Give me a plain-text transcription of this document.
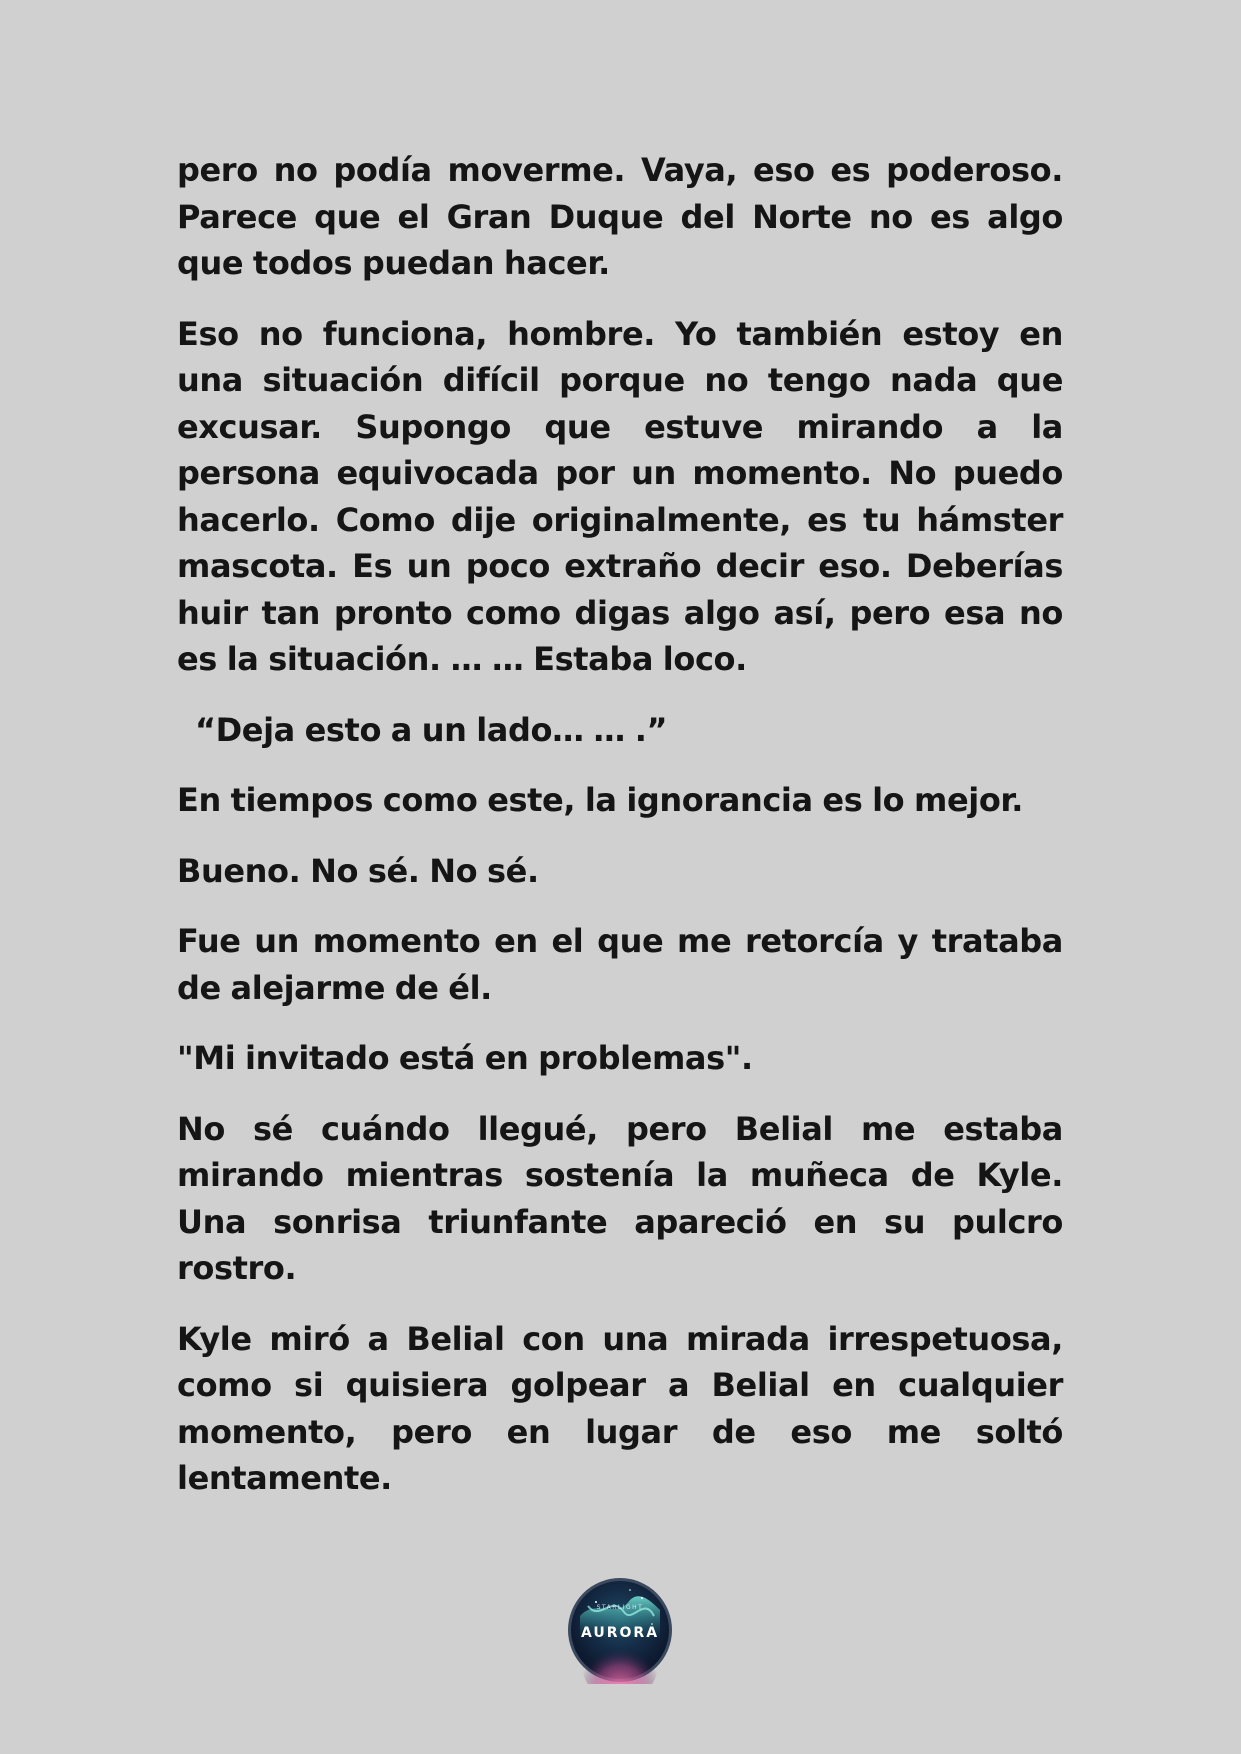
pero no podía moverme. Vaya, eso es poderoso. Parece que el Gran Duque del Norte no es algo que todos puedan hacer.

Eso no funciona, hombre. Yo también estoy en una situación difícil porque no tengo nada que excusar. Supongo que estuve mirando a la persona equivocada por un momento. No puedo hacerlo. Como dije originalmente, es tu hámster mascota. Es un poco extraño decir eso. Deberías huir tan pronto como digas algo así, pero esa no es la situación. … … Estaba loco.

“Deja esto a un lado… … .”

En tiempos como este, la ignorancia es lo mejor.

Bueno. No sé. No sé.

Fue un momento en el que me retorcía y trataba de alejarme de él.

"Mi invitado está en problemas".

No sé cuándo llegué, pero Belial me estaba mirando mientras sostenía la muñeca de Kyle. Una sonrisa triunfante apareció en su pulcro rostro.

Kyle miró a Belial con una mirada irrespetuosa, como si quisiera golpear a Belial en cualquier momento, pero en lugar de eso me soltó lentamente.

STARLIGHT
AURORA
